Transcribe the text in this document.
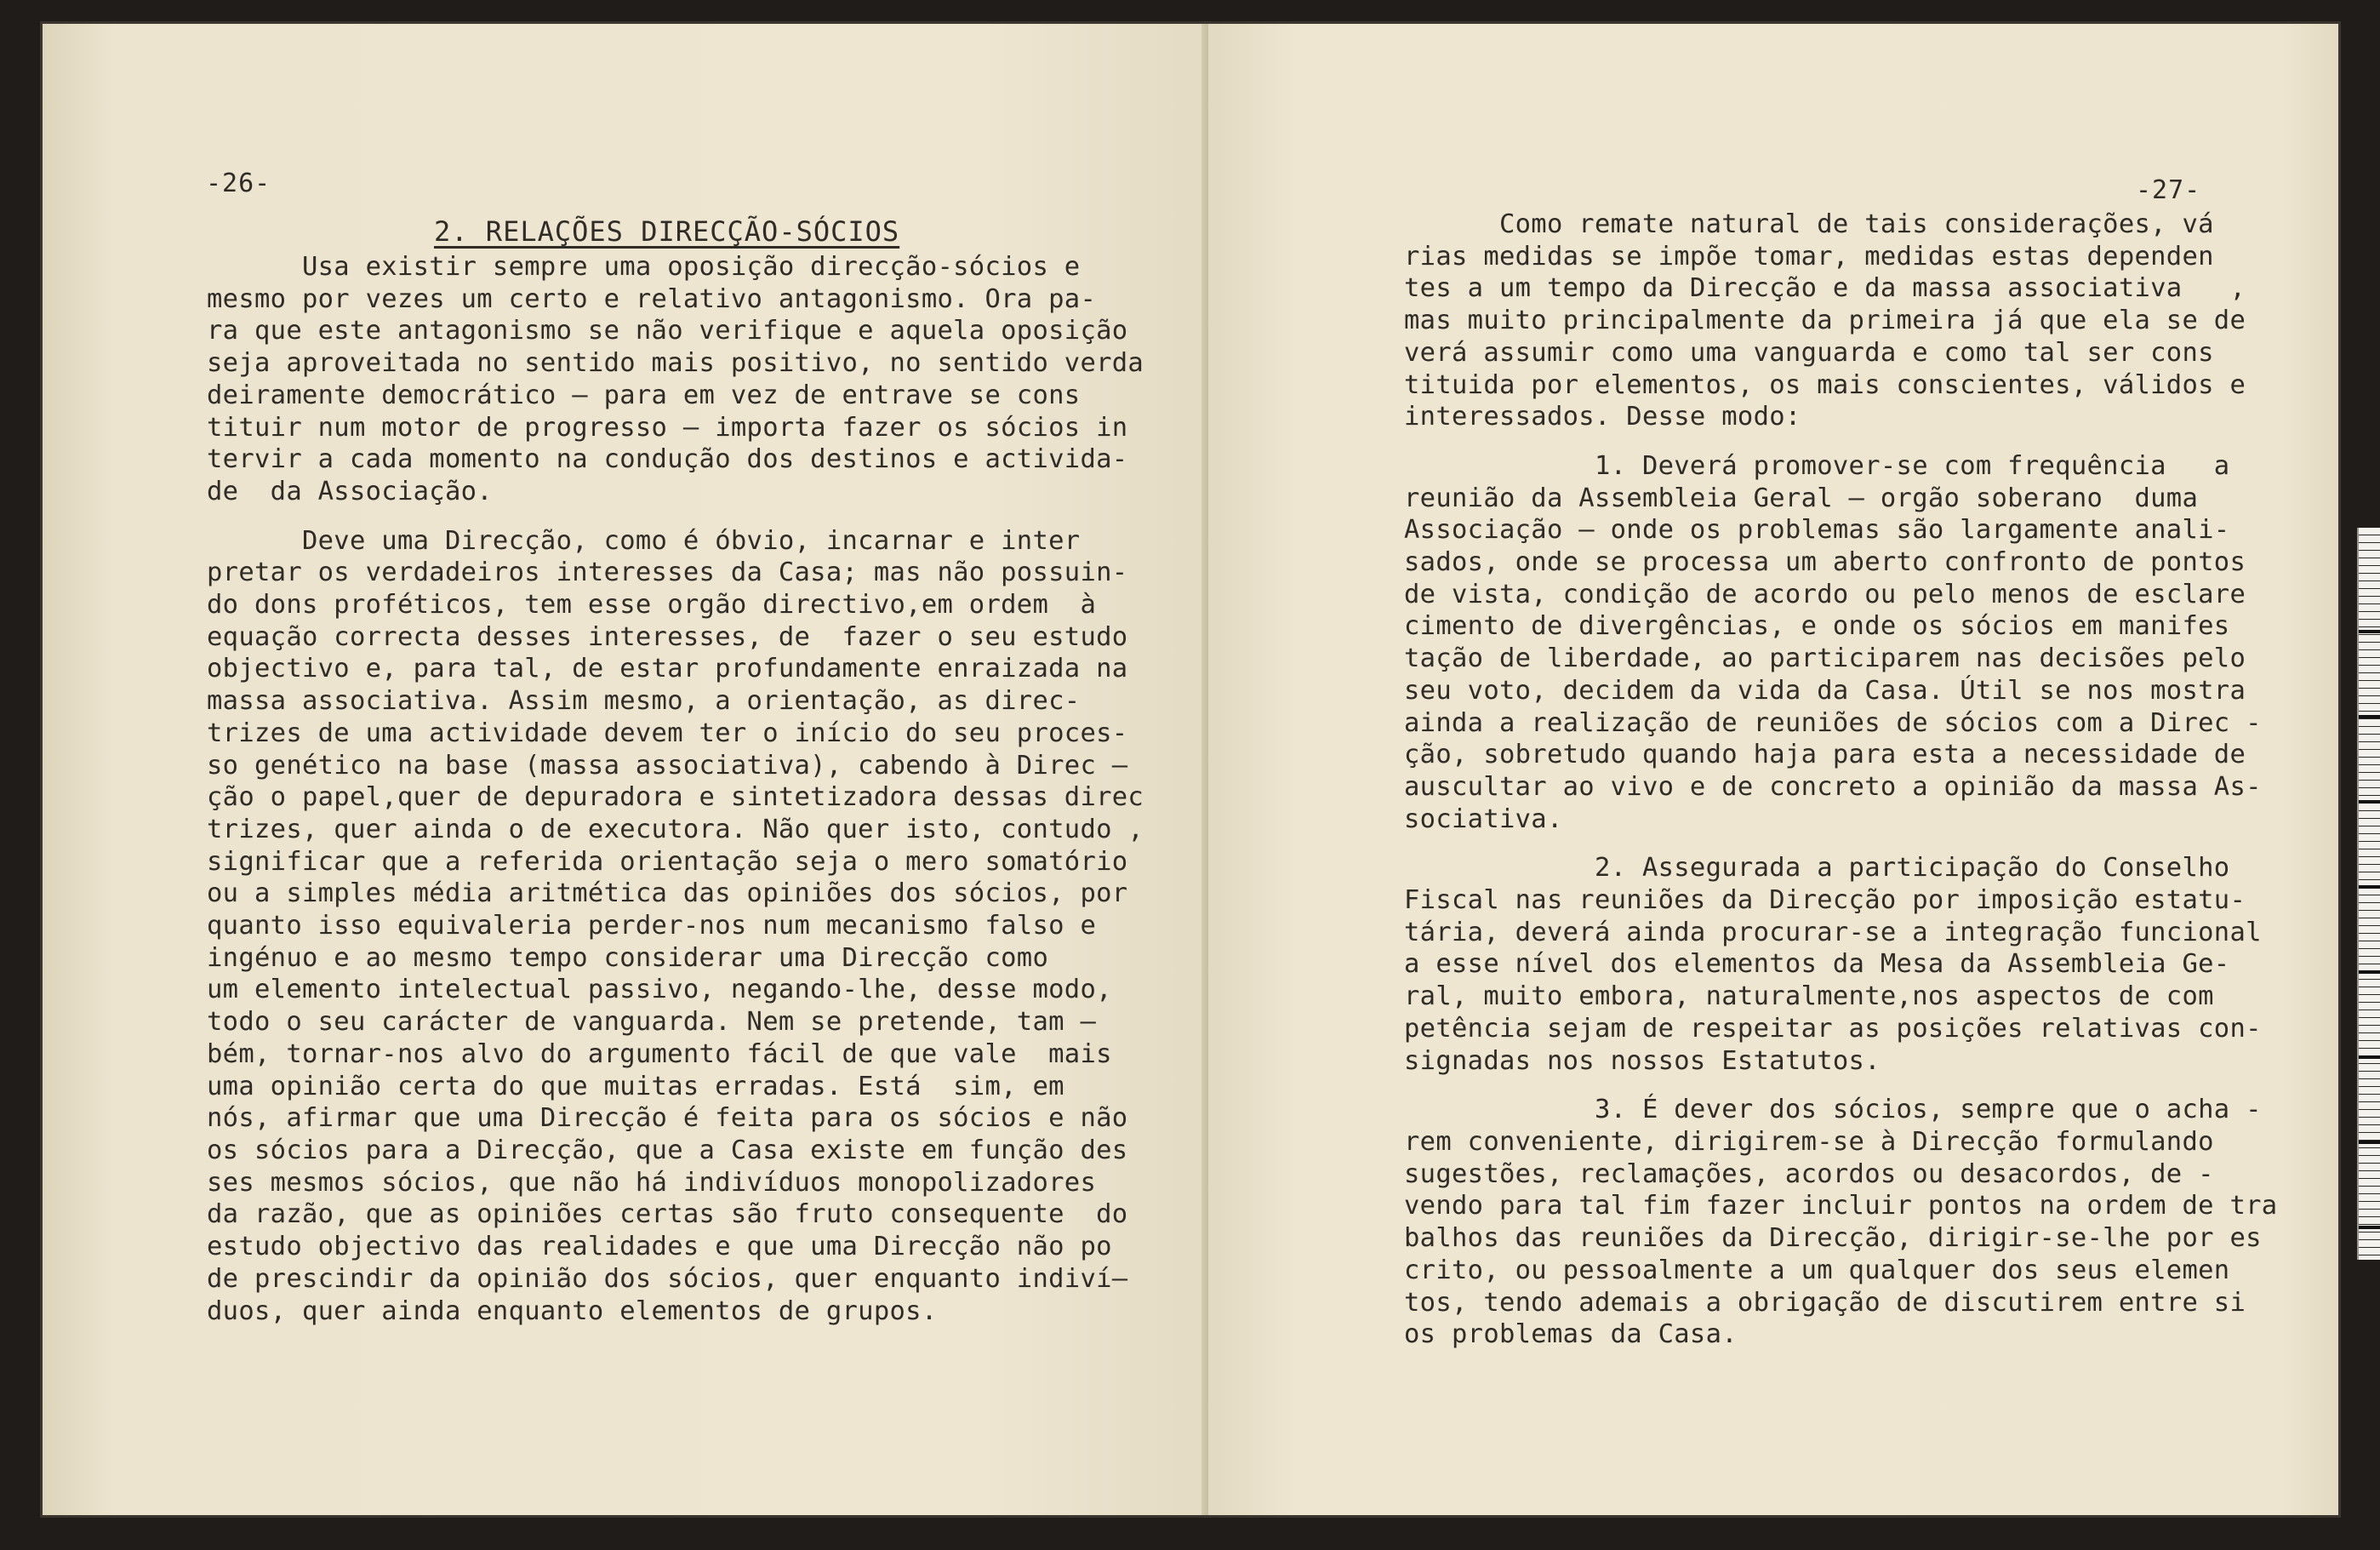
-26-
2. RELAÇÕES DIRECÇÃO-SÓCIOS
Usa existir sempre uma oposição direcção-sócios e
mesmo por vezes um certo e relativo antagonismo. Ora pa-
ra que este antagonismo se não verifique e aquela oposição
seja aproveitada no sentido mais positivo, no sentido verda
deiramente democrático – para em vez de entrave se cons
tituir num motor de progresso – importa fazer os sócios in
tervir a cada momento na condução dos destinos e activida-
de  da Associação.
Deve uma Direcção, como é óbvio, incarnar e inter
pretar os verdadeiros interesses da Casa; mas não possuin-
do dons proféticos, tem esse orgão directivo,em ordem  à
equação correcta desses interesses, de  fazer o seu estudo
objectivo e, para tal, de estar profundamente enraizada na
massa associativa. Assim mesmo, a orientação, as direc-
trizes de uma actividade devem ter o início do seu proces-
so genético na base (massa associativa), cabendo à Direc –
ção o papel,quer de depuradora e sintetizadora dessas direc
trizes, quer ainda o de executora. Não quer isto, contudo ,
significar que a referida orientação seja o mero somatório
ou a simples média aritmética das opiniões dos sócios, por
quanto isso equivaleria perder-nos num mecanismo falso e
ingénuo e ao mesmo tempo considerar uma Direcção como
um elemento intelectual passivo, negando-lhe, desse modo,
todo o seu carácter de vanguarda. Nem se pretende, tam –
bém, tornar-nos alvo do argumento fácil de que vale  mais
uma opinião certa do que muitas erradas. Está  sim, em
nós, afirmar que uma Direcção é feita para os sócios e não
os sócios para a Direcção, que a Casa existe em função des
ses mesmos sócios, que não há indivíduos monopolizadores
da razão, que as opiniões certas são fruto consequente  do
estudo objectivo das realidades e que uma Direcção não po
de prescindir da opinião dos sócios, quer enquanto indiví–
duos, quer ainda enquanto elementos de grupos.
-27-
Como remate natural de tais considerações, vá
rias medidas se impõe tomar, medidas estas dependen
tes a um tempo da Direcção e da massa associativa   ,
mas muito principalmente da primeira já que ela se de
verá assumir como uma vanguarda e como tal ser cons
tituida por elementos, os mais conscientes, válidos e
interessados. Desse modo:
1. Deverá promover-se com frequência   a
reunião da Assembleia Geral – orgão soberano  duma
Associação – onde os problemas são largamente anali-
sados, onde se processa um aberto confronto de pontos
de vista, condição de acordo ou pelo menos de esclare
cimento de divergências, e onde os sócios em manifes
tação de liberdade, ao participarem nas decisões pelo
seu voto, decidem da vida da Casa. Útil se nos mostra
ainda a realização de reuniões de sócios com a Direc -
ção, sobretudo quando haja para esta a necessidade de
auscultar ao vivo e de concreto a opinião da massa As-
sociativa.
2. Assegurada a participação do Conselho
Fiscal nas reuniões da Direcção por imposição estatu-
tária, deverá ainda procurar-se a integração funcional
a esse nível dos elementos da Mesa da Assembleia Ge-
ral, muito embora, naturalmente,nos aspectos de com
petência sejam de respeitar as posições relativas con-
signadas nos nossos Estatutos.
3. É dever dos sócios, sempre que o acha -
rem conveniente, dirigirem-se à Direcção formulando
sugestões, reclamações, acordos ou desacordos, de -
vendo para tal fim fazer incluir pontos na ordem de tra
balhos das reuniões da Direcção, dirigir-se-lhe por es
crito, ou pessoalmente a um qualquer dos seus elemen
tos, tendo ademais a obrigação de discutirem entre si
os problemas da Casa.
